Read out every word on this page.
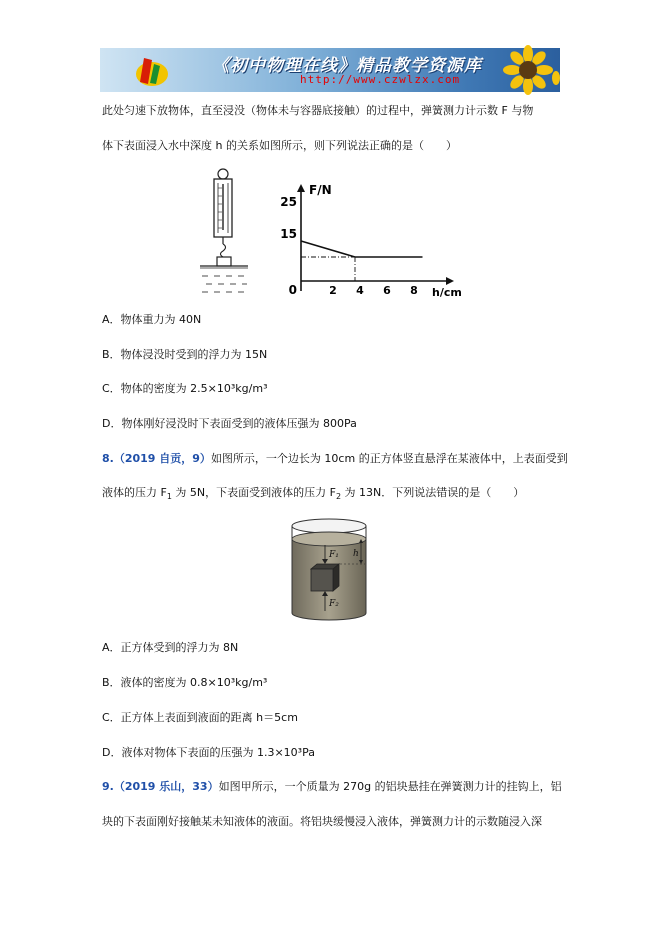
《初中物理在线》精品教学资源库
http://www.czwlzx.com
此处匀速下放物体，直至浸没（物体未与容器底接触）的过程中，弹簧测力计示数 F 与物
体下表面浸入水中深度 h 的关系如图所示，则下列说法正确的是（　　）
F/N
h/cm
0
25
15
2 4 6 8
A．物体重力为 40N
B．物体浸没时受到的浮力为 15N
C．物体的密度为 2.5×10³kg/m³
D．物体刚好浸没时下表面受到的液体压强为 800Pa
8.（2019 自贡，9）如图所示，一个边长为 10cm 的正方体竖直悬浮在某液体中，上表面受到
液体的压力 $F_1$ 为 5N，下表面受到液体的压力 $F_2$ 为 13N．下列说法错误的是（　　）
F₁
F₂
h
A．正方体受到的浮力为 8N
B．液体的密度为 0.8×10³kg/m³
C．正方体上表面到液面的距离 h＝5cm
D．液体对物体下表面的压强为 1.3×10³Pa
9.（2019 乐山，33）如图甲所示，一个质量为 270g 的铝块悬挂在弹簧测力计的挂钩上，铝
块的下表面刚好接触某未知液体的液面。将铝块缓慢浸入液体，弹簧测力计的示数随浸入深
